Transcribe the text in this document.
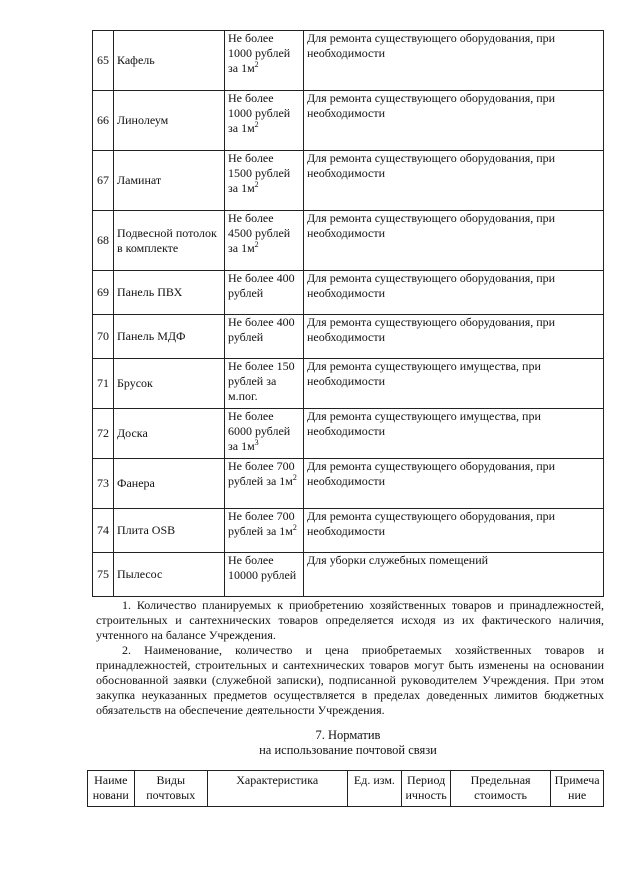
65	Кафель	Не более 1000 рублей за $1м^2$	Для ремонта существующего оборудования, при необходимости
66	Линолеум	Не более 1000 рублей за $1м^2$	Для ремонта существующего оборудования, при необходимости
67	Ламинат	Не более 1500 рублей за $1м^2$	Для ремонта существующего оборудования, при необходимости
68	Подвесной потолок в комплекте	Не более 4500 рублей за $1м^2$	Для ремонта существующего оборудования, при необходимости
69	Панель ПВХ	Не более 400 рублей	Для ремонта существующего оборудования, при необходимости
70	Панель МДФ	Не более 400 рублей	Для ремонта существующего оборудования, при необходимости
71	Брусок	Не более 150 рублей за м.пог.	Для ремонта существующего имущества, при необходимости
72	Доска	Не более 6000 рублей за $1м^3$	Для ремонта существующего имущества, при необходимости
73	Фанера	Не более 700 рублей за $1м^2$	Для ремонта существующего оборудования, при необходимости
74	Плита OSB	Не более 700 рублей за $1м^2$	Для ремонта существующего оборудования, при необходимости
75	Пылесос	Не более 10000 рублей	Для уборки служебных помещений

1. Количество планируемых к приобретению хозяйственных товаров и принадлежностей, строительных и сантехнических товаров определяется исходя из их фактического наличия, учтенного на балансе Учреждения.

2. Наименование, количество и цена приобретаемых хозяйственных товаров и принадлежностей, строительных и сантехнических товаров могут быть изменены на основании обоснованной заявки (служебной записки), подписанной руководителем Учреждения. При этом закупка неуказанных предметов осуществляется в пределах доведенных лимитов бюджетных обязательств на обеспечение деятельности Учреждения.

7. Норматив
на использование почтовой связи
Наиме новани	Виды почтовых	Характеристика	Ед. изм.	Период ичность	Предельная стоимость	Примеча ние
